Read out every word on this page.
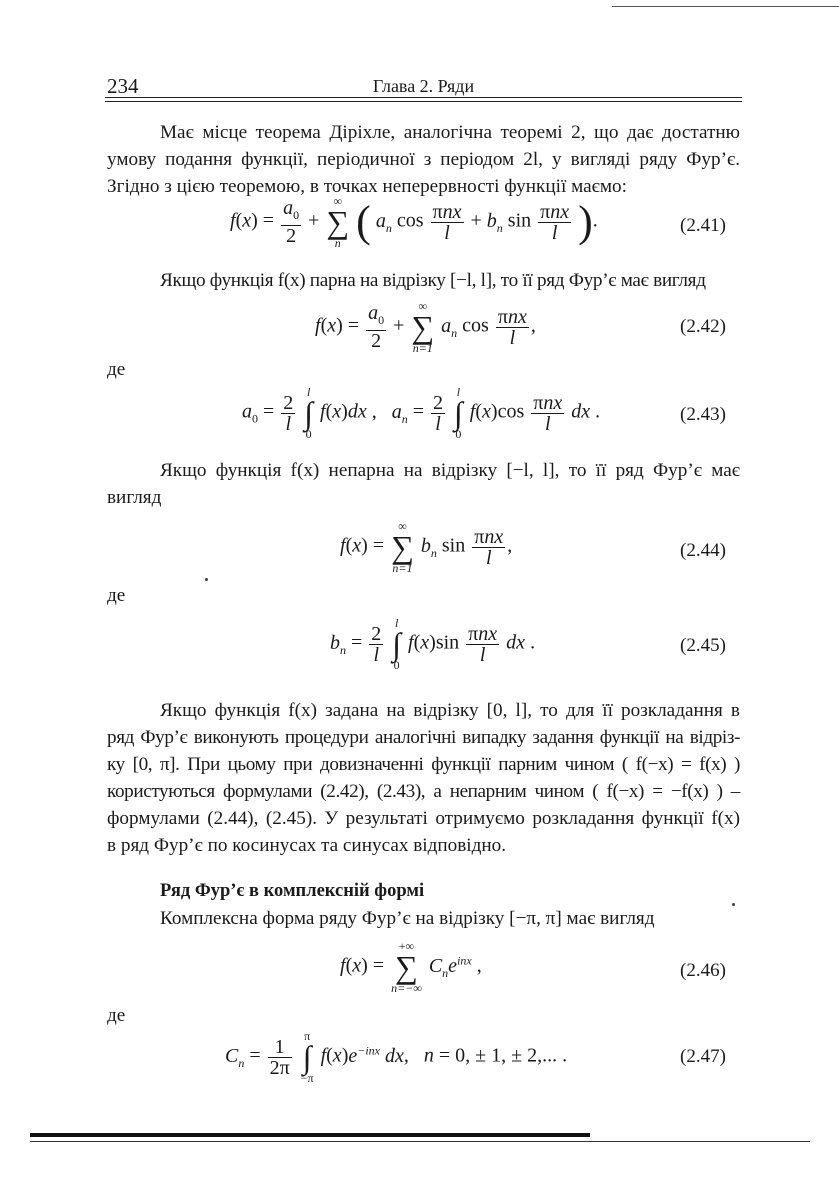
234	Глава 2. Ряди
Має місце теорема Діріхле, аналогічна теоремі 2, що дає достатню
умову подання функції, періодичної з періодом 2l, у вигляді ряду Фур’є.
Згідно з цією теоремою, в точках неперервності функції маємо:
$f(x) = \frac{a_0}{2}$ +
∞
∑
n ( $a_n$ $\cos \frac{\text{πnx}}{l} + b_n$ $\sin \frac{\text{πnx}}{l}$ ).	(2.41)
Якщо функція f(x) парна на відрізку [−l, l], то її ряд Фур’є має вигляд
$f(x) = \frac{a_0}{2}$ +
∞
∑
n=1
$a_n$ $\cos \frac{\text{πnx}}{l}$ ,	(2.42)
де
$a_0 = \frac{2}{l}$

l
∫
0
f(x)dx ,   $a_n = \frac{2}{l}$

l
∫
0
$f(x)\cos \frac{\text{πnx}}{l}$ dx .	(2.43)
Якщо функція f(x) непарна на відрізку [−l, l], то її ряд Фур’є має
вигляд
f(x) =
∞
∑
n=1
$b_n$ $\sin \frac{\text{πnx}}{l}$ ,	(2.44)
де
$b_n = \frac{2}{l}$

l
∫
0
$f(x)\sin \frac{\text{πnx}}{l}$ dx .	(2.45)
Якщо функція f(x) задана на відрізку [0, l], то для її розкладання в
ряд Фур’є виконують процедури аналогічні випадку задання функції на відріз-
ку [0, π]. При цьому при довизначенні функції парним чином ( f(−x) = f(x) )
користуються формулами (2.42), (2.43), а непарним чином ( f(−x) = −f(x) ) –
формулами (2.44), (2.45). У результаті отримуємо розкладання функції f(x)
в ряд Фур’є по косинусах та синусах відповідно.
Ряд Фур’є в комплексній формі
Комплексна форма ряду Фур’є на відрізку [−π, π] має вигляд
f(x) =
+∞
∑
n=−∞
$C_ne^{inx}$ ,	(2.46)
де
$C_n = \frac{1}{2\pi}$

π
∫
−π
$f(x)e^{-inx}$ dx,   n = 0, ± 1, ± 2,... .	(2.47)
